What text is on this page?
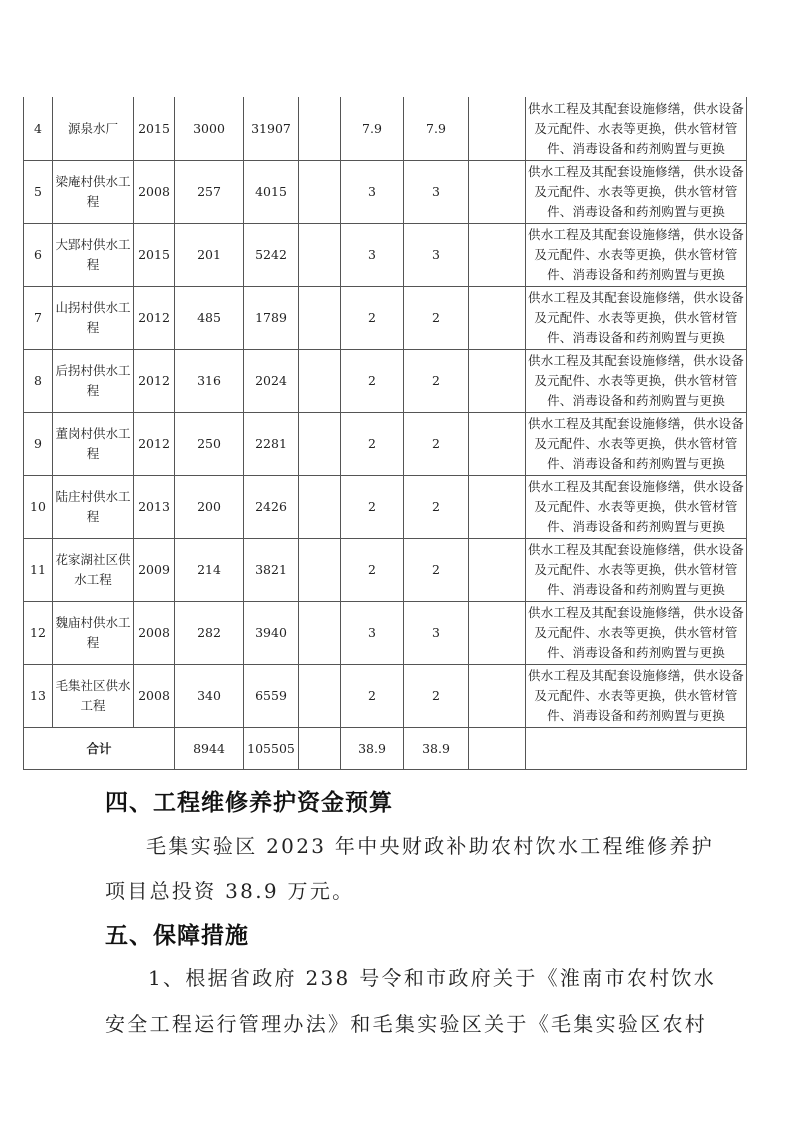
4	源泉水厂	2015	3000	31907		7.9	7.9		供水工程及其配套设施修缮，供水设备及元配件、水表等更换，供水管材管件、消毒设备和药剂购置与更换
5	梁庵村供水工程	2008	257	4015		3	3		供水工程及其配套设施修缮，供水设备及元配件、水表等更换，供水管材管件、消毒设备和药剂购置与更换
6	大郢村供水工程	2015	201	5242		3	3		供水工程及其配套设施修缮，供水设备及元配件、水表等更换，供水管材管件、消毒设备和药剂购置与更换
7	山拐村供水工程	2012	485	1789		2	2		供水工程及其配套设施修缮，供水设备及元配件、水表等更换，供水管材管件、消毒设备和药剂购置与更换
8	后拐村供水工程	2012	316	2024		2	2		供水工程及其配套设施修缮，供水设备及元配件、水表等更换，供水管材管件、消毒设备和药剂购置与更换
9	董岗村供水工程	2012	250	2281		2	2		供水工程及其配套设施修缮，供水设备及元配件、水表等更换，供水管材管件、消毒设备和药剂购置与更换
10	陆庄村供水工程	2013	200	2426		2	2		供水工程及其配套设施修缮，供水设备及元配件、水表等更换，供水管材管件、消毒设备和药剂购置与更换
11	花家湖社区供水工程	2009	214	3821		2	2		供水工程及其配套设施修缮，供水设备及元配件、水表等更换，供水管材管件、消毒设备和药剂购置与更换
12	魏庙村供水工程	2008	282	3940		3	3		供水工程及其配套设施修缮，供水设备及元配件、水表等更换，供水管材管件、消毒设备和药剂购置与更换
13	毛集社区供水工程	2008	340	6559		2	2		供水工程及其配套设施修缮，供水设备及元配件、水表等更换，供水管材管件、消毒设备和药剂购置与更换
合计			8944	105505		38.9	38.9		
四、工程维修养护资金预算
毛集实验区 2023 年中央财政补助农村饮水工程维修养护
项目总投资 38.9 万元。
五、保障措施
1、根据省政府 238 号令和市政府关于《淮南市农村饮水
安全工程运行管理办法》和毛集实验区关于《毛集实验区农村
